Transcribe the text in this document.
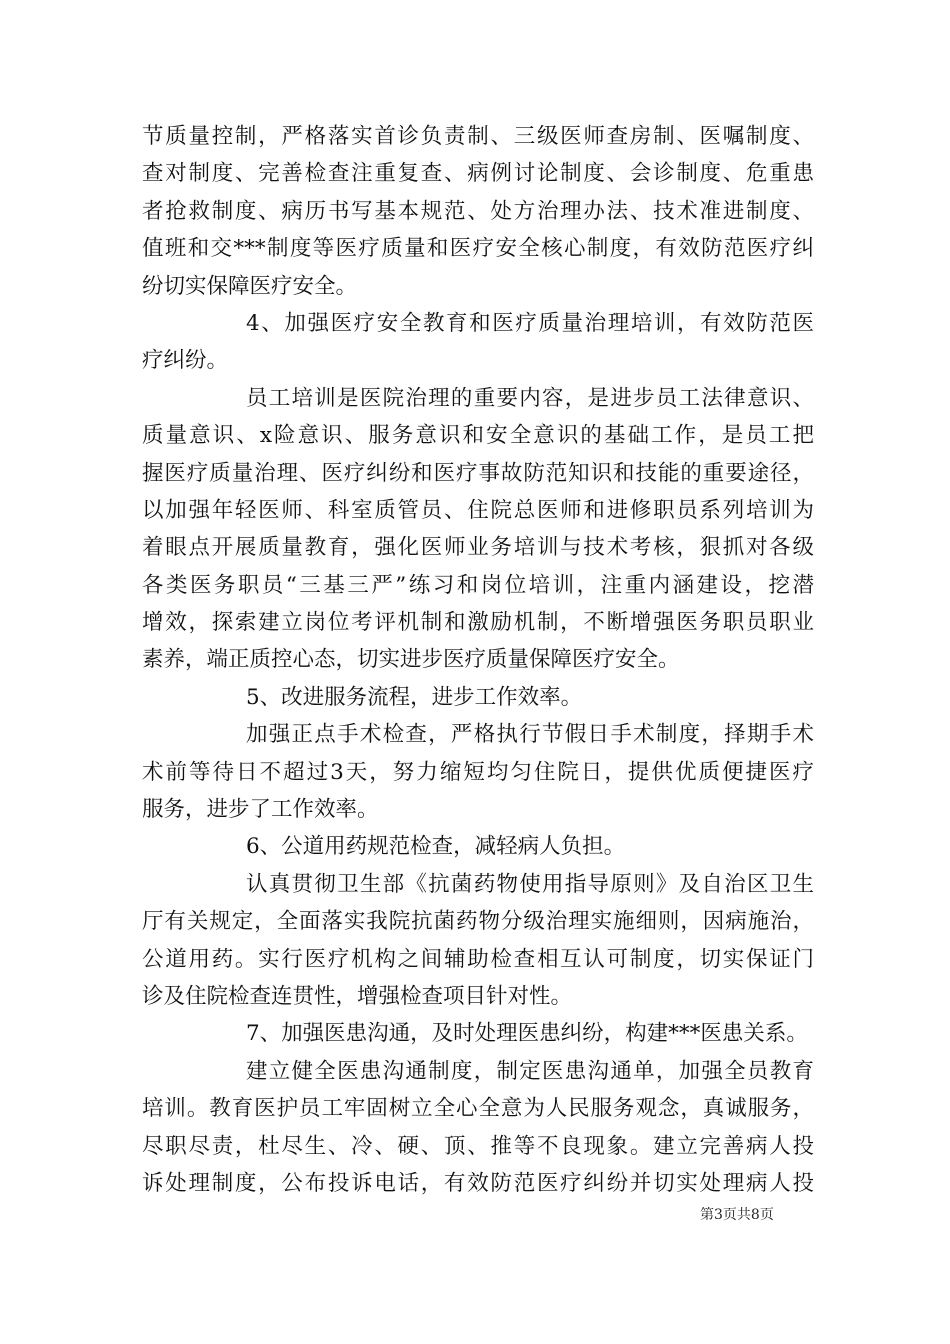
节质量控制，严格落实首诊负责制、三级医师查房制、医嘱制度、
查对制度、完善检查注重复查、病例讨论制度、会诊制度、危重患
者抢救制度、病历书写基本规范、处方治理办法、技术准进制度、
值班和交***制度等医疗质量和医疗安全核心制度，有效防范医疗纠
纷切实保障医疗安全。
4、加强医疗安全教育和医疗质量治理培训，有效防范医
疗纠纷。
员工培训是医院治理的重要内容，是进步员工法律意识、
质量意识、x险意识、服务意识和安全意识的基础工作，是员工把
握医疗质量治理、医疗纠纷和医疗事故防范知识和技能的重要途径，
以加强年轻医师、科室质管员、住院总医师和进修职员系列培训为
着眼点开展质量教育，强化医师业务培训与技术考核，狠抓对各级
各类医务职员“三基三严”练习和岗位培训，注重内涵建设，挖潜
增效，探索建立岗位考评机制和激励机制，不断增强医务职员职业
素养，端正质控心态，切实进步医疗质量保障医疗安全。
5、改进服务流程，进步工作效率。
加强正点手术检查，严格执行节假日手术制度，择期手术
术前等待日不超过3天，努力缩短均匀住院日，提供优质便捷医疗
服务，进步了工作效率。
6、公道用药规范检查，减轻病人负担。
认真贯彻卫生部《抗菌药物使用指导原则》及自治区卫生
厅有关规定，全面落实我院抗菌药物分级治理实施细则，因病施治，
公道用药。实行医疗机构之间辅助检查相互认可制度，切实保证门
诊及住院检查连贯性，增强检查项目针对性。
7、加强医患沟通，及时处理医患纠纷，构建***医患关系。
建立健全医患沟通制度，制定医患沟通单，加强全员教育
培训。教育医护员工牢固树立全心全意为人民服务观念，真诚服务，
尽职尽责，杜尽生、冷、硬、顶、推等不良现象。建立完善病人投
诉处理制度，公布投诉电话，有效防范医疗纠纷并切实处理病人投
第3页共8页
